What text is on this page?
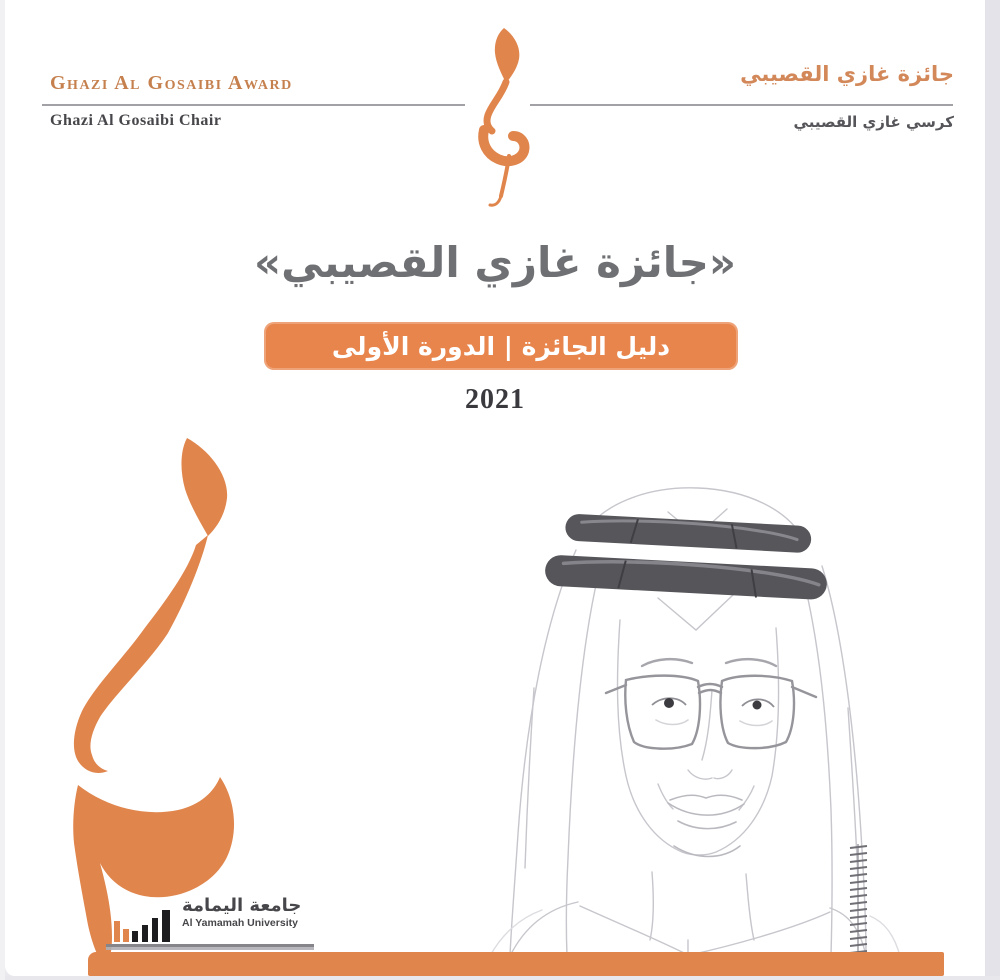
Ghazi Al Gosaibi Award
Ghazi Al Gosaibi Chair
جائزة غازي القصيبي
كرسي غازي القصيبي
«جائزة غازي القصيبي»
دليل الجائزة | الدورة الأولى
2021
جامعة اليمامة
Al Yamamah University
